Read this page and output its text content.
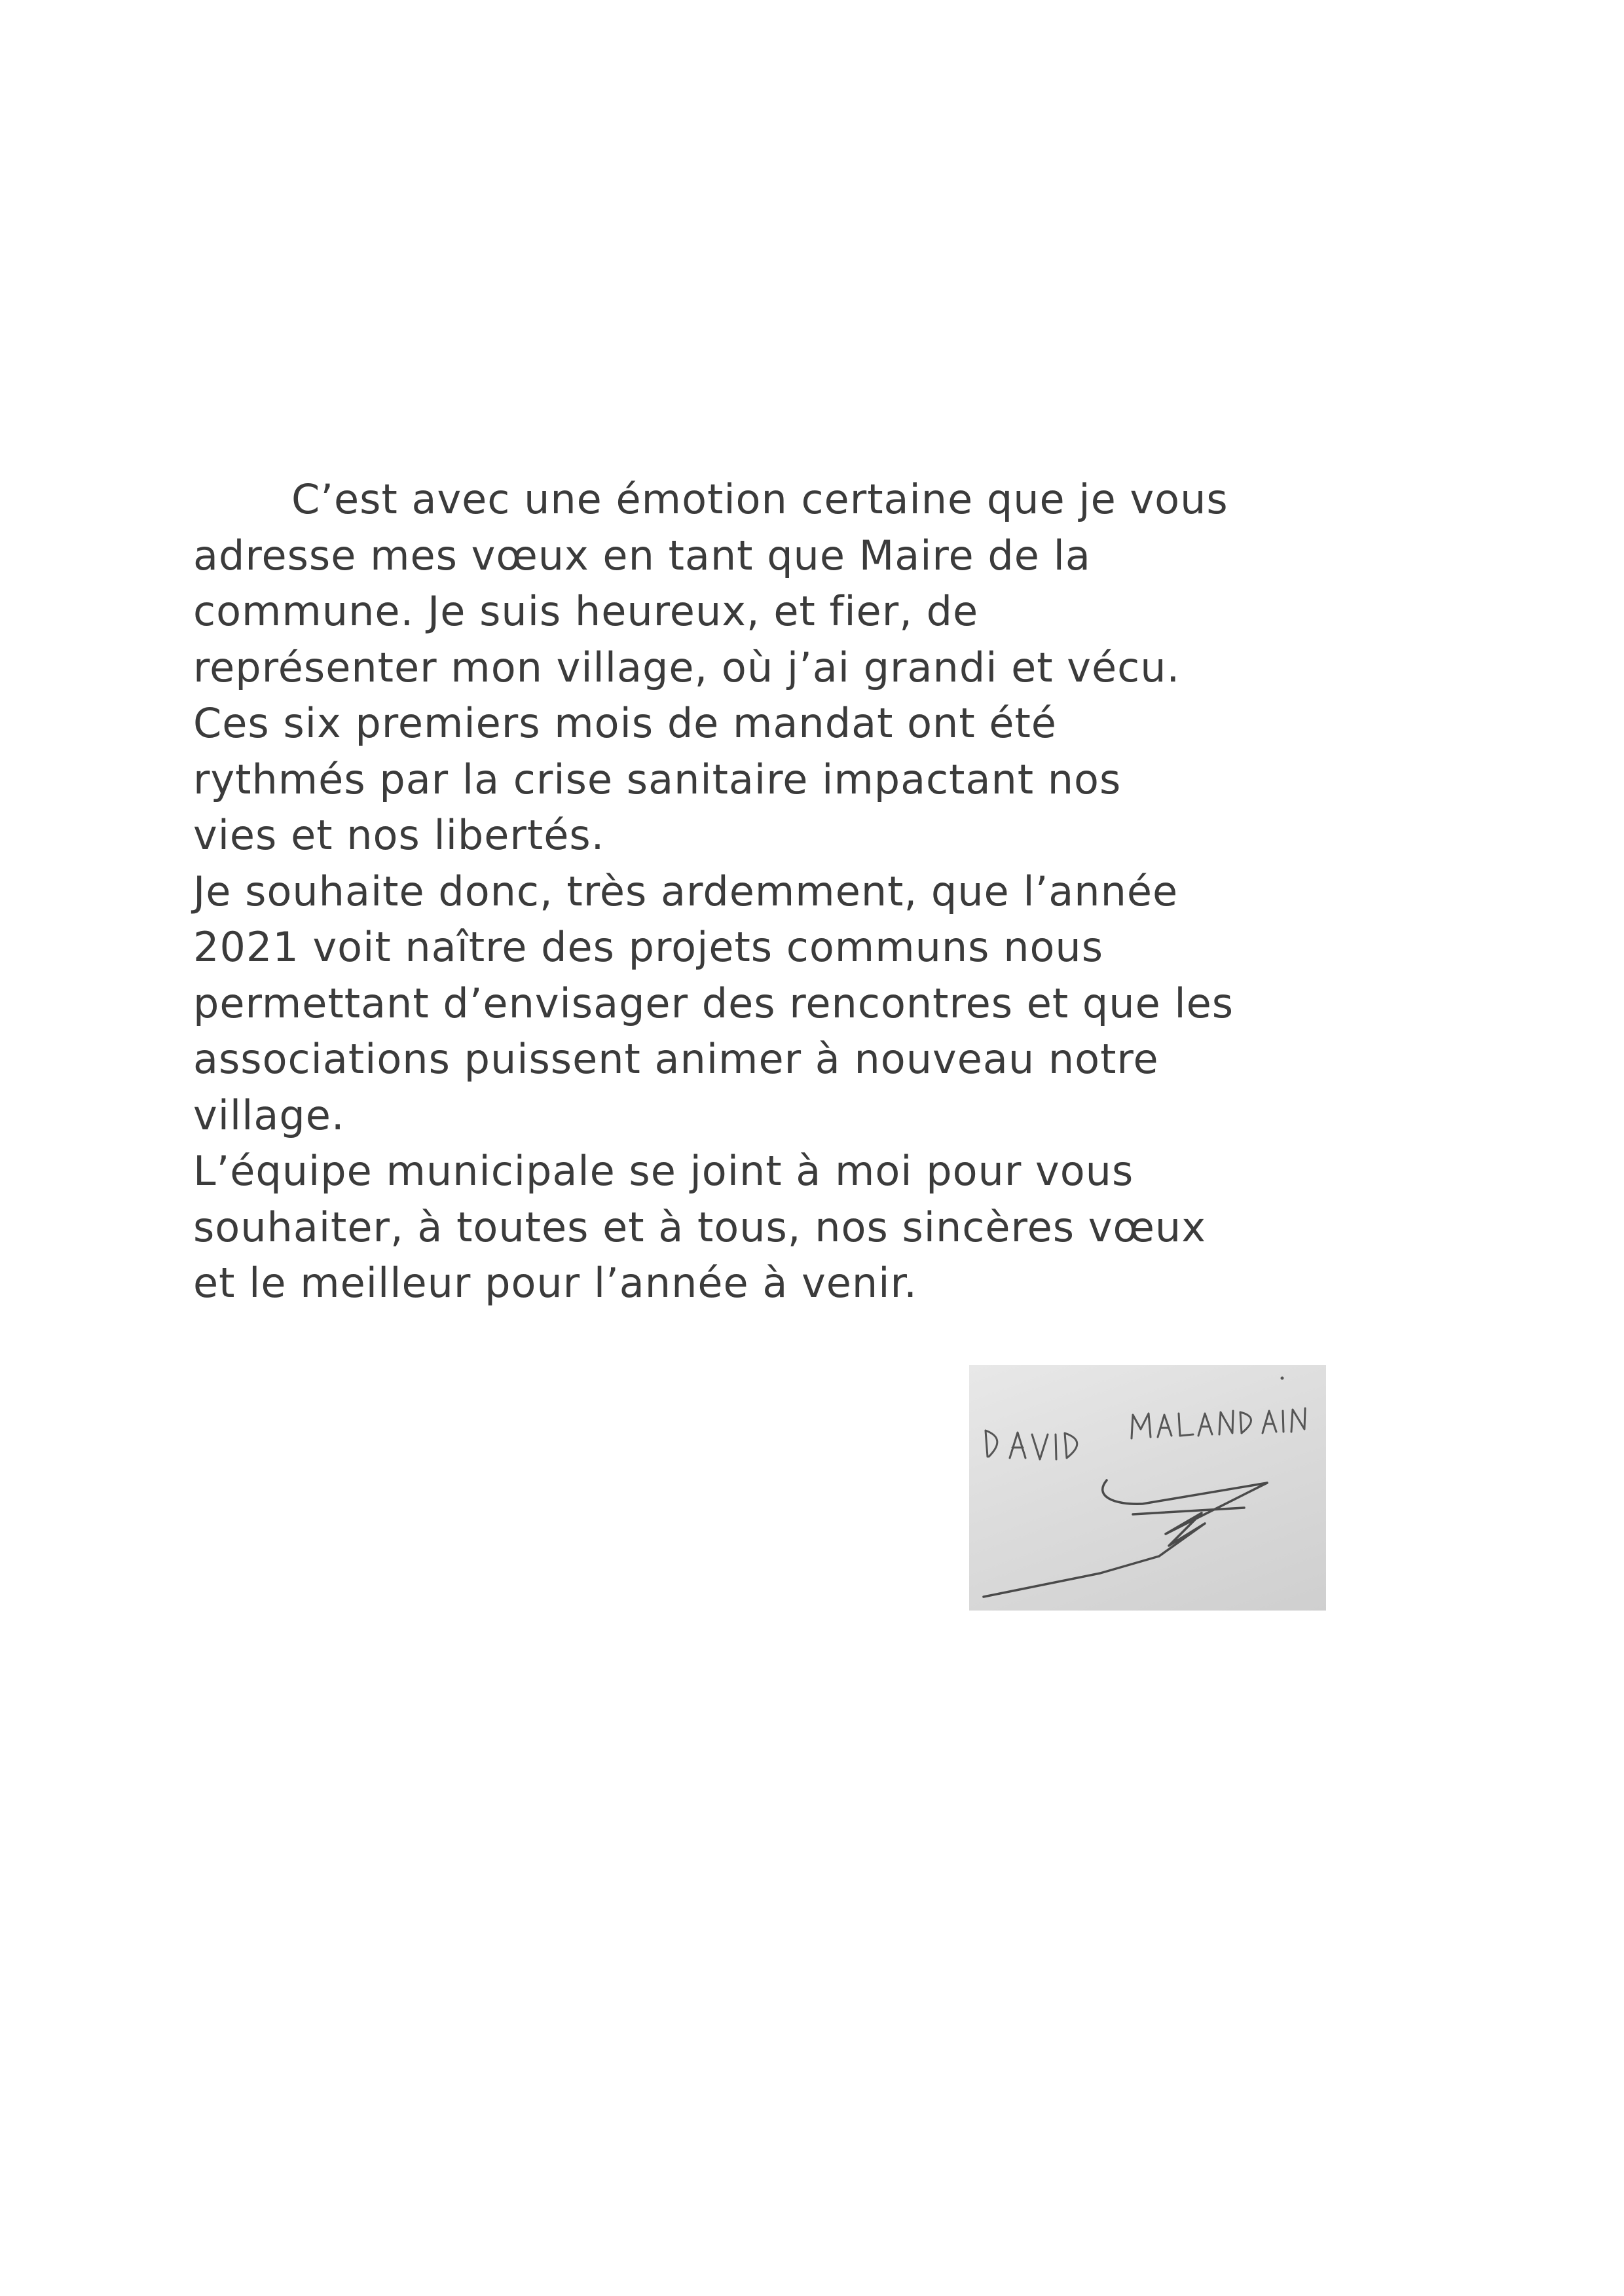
C’est avec une émotion certaine que je vous
adresse mes vœux en tant que Maire de la
commune. Je suis heureux, et fier, de
représenter mon village, où j’ai grandi et vécu.
Ces six premiers mois de mandat ont été
rythmés par la crise sanitaire impactant nos
vies et nos libertés.
Je souhaite donc, très ardemment, que l’année
2021 voit naître des projets communs nous
permettant d’envisager des rencontres et que les
associations puissent animer à nouveau notre
village.
L’équipe municipale se joint à moi pour vous
souhaiter, à toutes et à tous, nos sincères vœux
et le meilleur pour l’année à venir.
